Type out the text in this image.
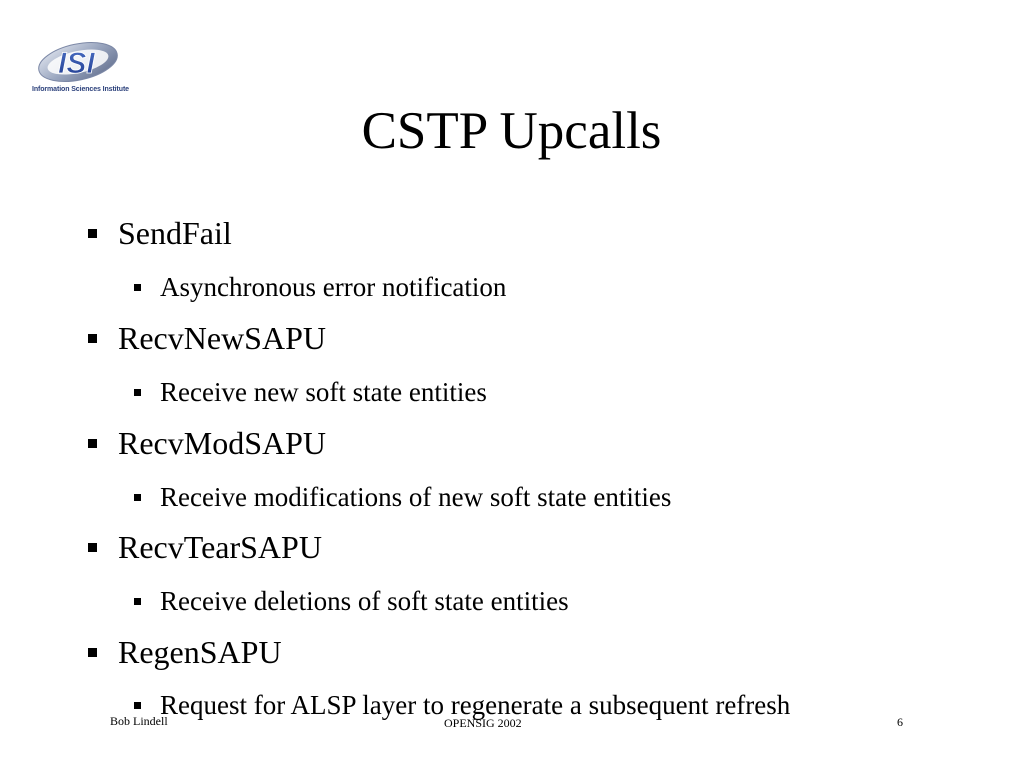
ISI
Information Sciences Institute
CSTP Upcalls
SendFail
Asynchronous error notification
RecvNewSAPU
Receive new soft state entities
RecvModSAPU
Receive modifications of new soft state entities
RecvTearSAPU
Receive deletions of soft state entities
RegenSAPU
Request for ALSP layer to regenerate a subsequent refresh
Bob Lindell	OPENSIG 2002	6
